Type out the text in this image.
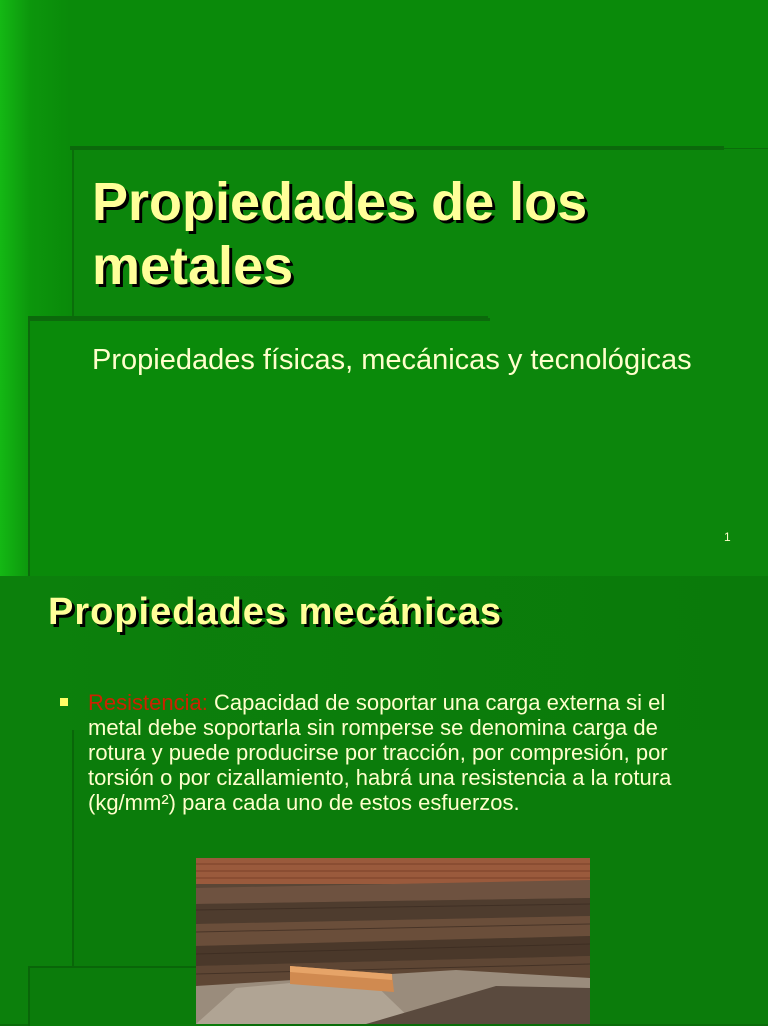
Propiedades de los metales
Propiedades físicas, mecánicas y tecnológicas
1
Propiedades mecánicas
Resistencia: Capacidad de soportar una carga externa si el metal debe soportarla sin romperse se denomina carga de rotura y puede producirse por tracción, por compresión, por torsión o por cizallamiento, habrá una resistencia a la rotura (kg/mm²) para cada uno de estos esfuerzos.
